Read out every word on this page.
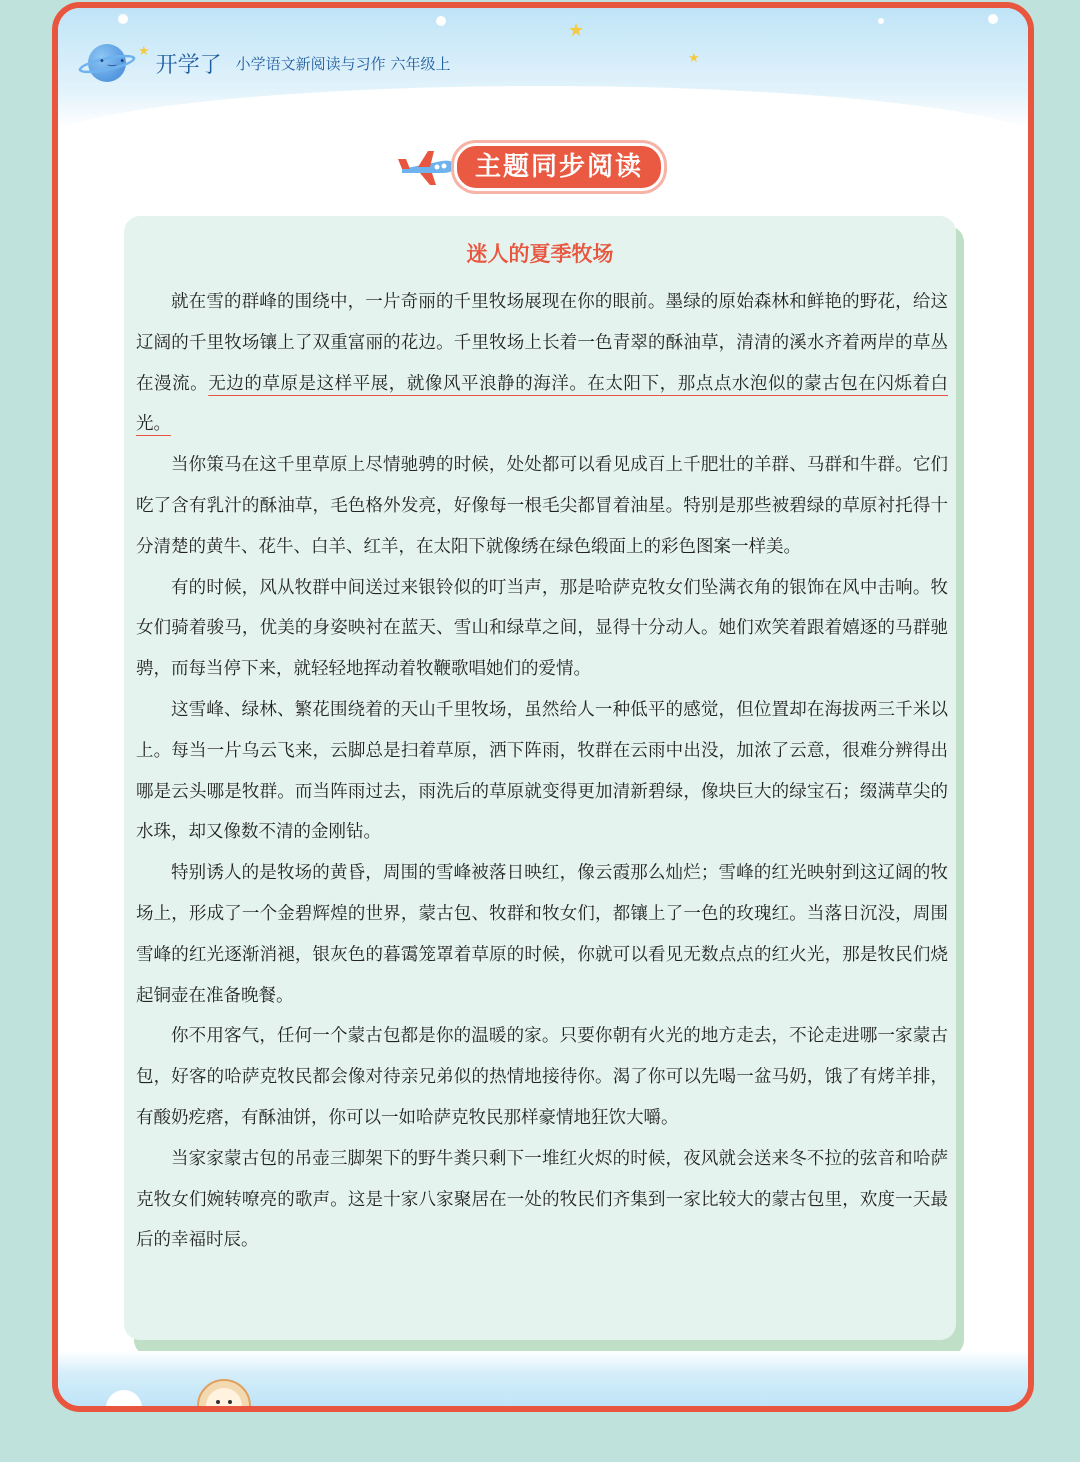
★
★
• ‿ •
★
开学了 小学语文新阅读与习作 六年级上
主题同步阅读
迷人的夏季牧场

就在雪的群峰的围绕中，一片奇丽的千里牧场展现在你的眼前。墨绿的原始森林和鲜艳的野花，给这辽阔的千里牧场镶上了双重富丽的花边。千里牧场上长着一色青翠的酥油草，清清的溪水齐着两岸的草丛在漫流。无边的草原是这样平展，就像风平浪静的海洋。在太阳下，那点点水泡似的蒙古包在闪烁着白光。

当你策马在这千里草原上尽情驰骋的时候，处处都可以看见成百上千肥壮的羊群、马群和牛群。它们吃了含有乳汁的酥油草，毛色格外发亮，好像每一根毛尖都冒着油星。特别是那些被碧绿的草原衬托得十分清楚的黄牛、花牛、白羊、红羊，在太阳下就像绣在绿色缎面上的彩色图案一样美。

有的时候，风从牧群中间送过来银铃似的叮当声，那是哈萨克牧女们坠满衣角的银饰在风中击响。牧女们骑着骏马，优美的身姿映衬在蓝天、雪山和绿草之间，显得十分动人。她们欢笑着跟着嬉逐的马群驰骋，而每当停下来，就轻轻地挥动着牧鞭歌唱她们的爱情。

这雪峰、绿林、繁花围绕着的天山千里牧场，虽然给人一种低平的感觉，但位置却在海拔两三千米以上。每当一片乌云飞来，云脚总是扫着草原，洒下阵雨，牧群在云雨中出没，加浓了云意，很难分辨得出哪是云头哪是牧群。而当阵雨过去，雨洗后的草原就变得更加清新碧绿，像块巨大的绿宝石；缀满草尖的水珠，却又像数不清的金刚钻。

特别诱人的是牧场的黄昏，周围的雪峰被落日映红，像云霞那么灿烂；雪峰的红光映射到这辽阔的牧场上，形成了一个金碧辉煌的世界，蒙古包、牧群和牧女们，都镶上了一色的玫瑰红。当落日沉没，周围雪峰的红光逐渐消褪，银灰色的暮霭笼罩着草原的时候，你就可以看见无数点点的红火光，那是牧民们烧起铜壶在准备晚餐。

你不用客气，任何一个蒙古包都是你的温暖的家。只要你朝有火光的地方走去，不论走进哪一家蒙古包，好客的哈萨克牧民都会像对待亲兄弟似的热情地接待你。渴了你可以先喝一盆马奶，饿了有烤羊排，有酸奶疙瘩，有酥油饼，你可以一如哈萨克牧民那样豪情地狂饮大嚼。

当家家蒙古包的吊壶三脚架下的野牛粪只剩下一堆红火烬的时候，夜风就会送来冬不拉的弦音和哈萨克牧女们婉转嘹亮的歌声。这是十家八家聚居在一处的牧民们齐集到一家比较大的蒙古包里，欢度一天最后的幸福时辰。
